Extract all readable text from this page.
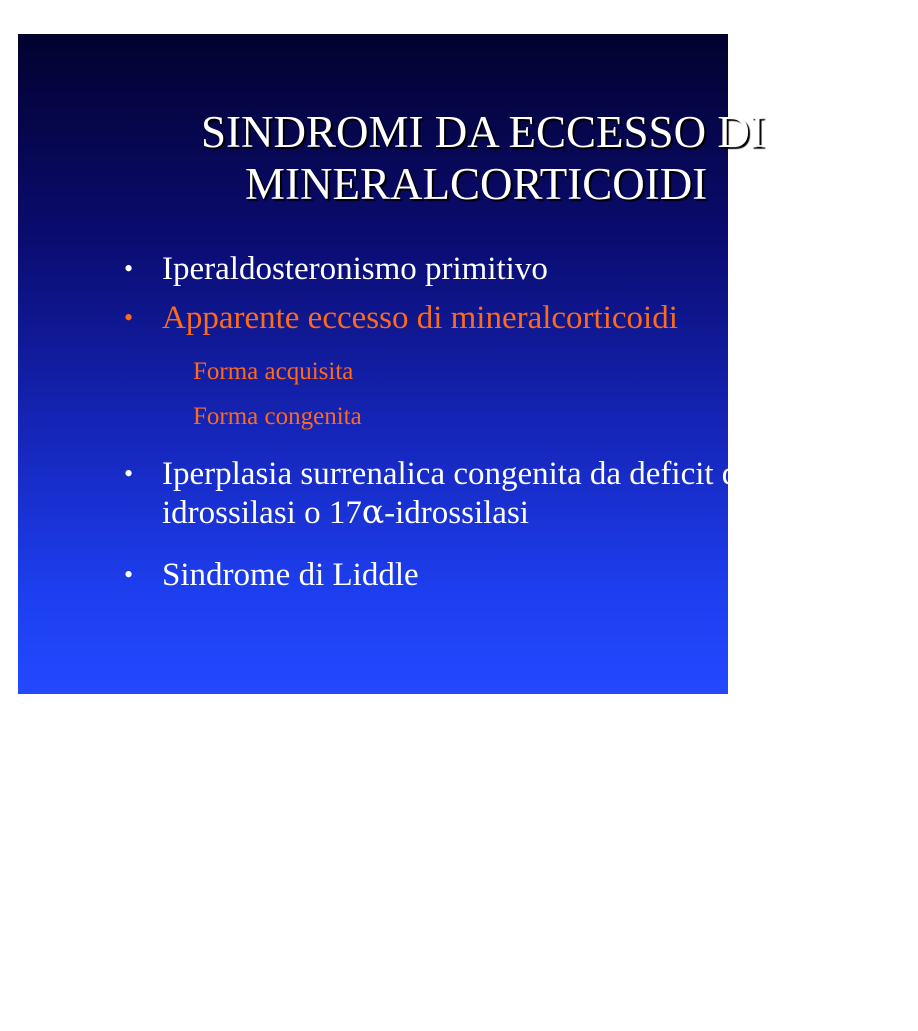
SINDROMI DA ECCESSO DI
MINERALCORTICOIDI
• Iperaldosteronismo primitivo
• Apparente eccesso di mineralcorticoidi
Forma acquisita
Forma congenita
• Iperplasia surrenalica congenita da deficit di 11β-
idrossilasi o 17α-idrossilasi
• Sindrome di Liddle
